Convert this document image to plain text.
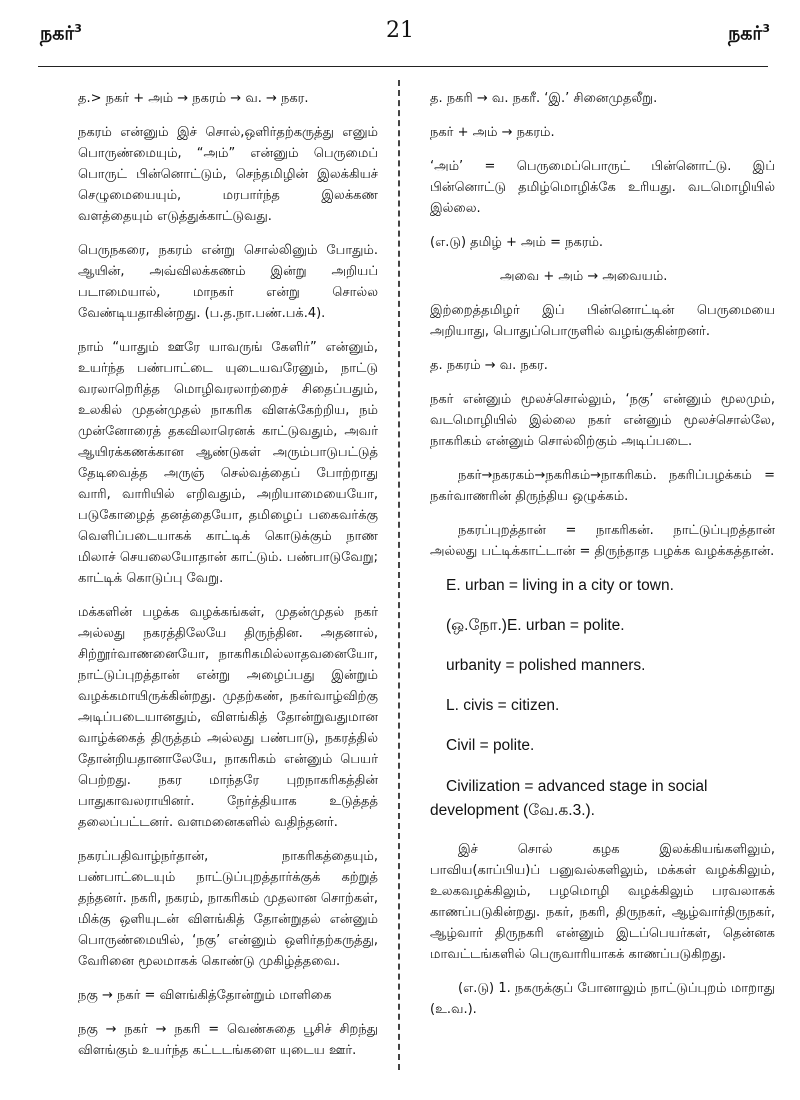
நகர்$^3$	21	நகர்$^3$

த.> நகர் + அம் → நகரம் → வ. → நகர.

நகரம் என்னும் இச் சொல்,ஒளிர்தற்கருத்து எனும் பொருண்மையும், “அம்” என்னும் பெருமைப் பொருட் பின்னொட்டும், செந்தமிழின் இலக்கியச் செழுமையையும், மரபார்ந்த இலக்கண வளத்தையும் எடுத்துக்காட்டுவது.

பெருநகரை, நகரம் என்று சொல்லினும் போதும். ஆயின், அவ்விலக்கணம் இன்று அறியப் படாமையால், மாநகர் என்று சொல்ல வேண்டியதாகின்றது. (ப.த.நா.பண்.பக்.4).

நாம் “யாதும் ஊரே யாவருங் கேளிர்” என்னும், உயர்ந்த பண்பாட்டை யுடையவரேனும், நாட்டு வரலாறெரித்த மொழிவரலாற்றைச் சிதைப்பதும், உலகில் முதன்முதல் நாகரிக விளக்கேற்றிய, நம் முன்னோரைத் தகவிலாரெனக் காட்டுவதும், அவர் ஆயிரக்கணக்கான ஆண்டுகள் அரும்பாடுபட்டுத் தேடிவைத்த அருஞ் செல்வத்தைப் போற்றாது வாரி, வாரியில் எறிவதும், அறியாமையையோ, படுகோழைத் தனத்தையோ, தமிழைப் பகைவர்க்கு வெளிப்படையாகக் காட்டிக் கொடுக்கும் நாண மிலாச் செயலையோதான் காட்டும். பண்பாடுவேறு; காட்டிக் கொடுப்பு வேறு.

மக்களின் பழக்க வழக்கங்கள், முதன்முதல் நகர் அல்லது நகரத்திலேயே திருந்தின. அதனால், சிற்றூர்வாணனையோ, நாகரிகமில்லாதவனையோ, நாட்டுப்புறத்தான் என்று அழைப்பது இன்றும் வழக்கமாயிருக்கின்றது. முதற்கண், நகர்வாழ்விற்கு அடிப்படையானதும், விளங்கித் தோன்றுவதுமான வாழ்க்கைத் திருத்தம் அல்லது பண்பாடு, நகரத்தில் தோன்றியதானாலேயே, நாகரிகம் என்னும் பெயர் பெற்றது. நகர மாந்தரே புறநாகரிகத்தின் பாதுகாவலராயினர். நேர்த்தியாக உடுத்தத் தலைப்பட்டனர். வளமனைகளில் வதிந்தனர்.

நகரப்பதிவாழ்நர்தான், நாகரிகத்தையும், பண்பாட்டையும் நாட்டுப்புறத்தார்க்குக் கற்றுத் தந்தனர். நகரி, நகரம், நாகரிகம் முதலான சொற்கள், மிக்கு ஒளியுடன் விளங்கித் தோன்றுதல் என்னும் பொருண்மையில், ‘நகு’ என்னும் ஒளிர்தற்கருத்து, வேரினை மூலமாகக் கொண்டு முகிழ்த்தவை.

நகு → நகர் = விளங்கித்தோன்றும் மாளிகை

நகு → நகர் → நகரி = வெண்சுதை பூசிச் சிறந்து விளங்கும் உயர்ந்த கட்டடங்களை யுடைய ஊர்.

த. நகரி → வ. நகரீ. ‘இ.’ சினைமுதலீறு.

நகர் + அம் → நகரம்.

‘அம்’ = பெருமைப்பொருட் பின்னொட்டு. இப் பின்னொட்டு தமிழ்மொழிக்கே உரியது. வடமொழியில் இல்லை.

(எ.டு) தமிழ் + அம் = நகரம்.

அவை + அம் → அவையம்.

இற்றைத்தமிழர் இப் பின்னொட்டின் பெருமையை அறியாது, பொதுப்பொருளில் வழங்குகின்றனர்.

த. நகரம் → வ. நகர.

நகர் என்னும் மூலச்சொல்லும், ‘நகு’ என்னும் மூலமும், வடமொழியில் இல்லை நகர் என்னும் மூலச்சொல்லே, நாகரிகம் என்னும் சொல்லிற்கும் அடிப்படை.

நகர்→நகரகம்→நகரிகம்→நாகரிகம். நகரிப்பழக்கம் = நகர்வாணரின் திருந்திய ஒழுக்கம்.

நகரப்புறத்தான் = நாகரிகன். நாட்டுப்புறத்தான் அல்லது பட்டிக்காட்டான் = திருந்தாத பழக்க வழக்கத்தான்.

E. urban = living in a city or town.

(ஒ.நோ.)E. urban = polite.

urbanity = polished manners.

L. civis = citizen.

Civil = polite.

Civilization = advanced stage in social development (வே.க.3.).

இச் சொல் கழக இலக்கியங்களிலும், பாவிய(காப்பிய)ப் பனுவல்களிலும், மக்கள் வழக்கிலும், உலகவழக்கிலும், பழமொழி வழக்கிலும் பரவலாகக் காணப்படுகின்றது. நகர், நகரி, திருநகர், ஆழ்வார்திருநகர், ஆழ்வார் திருநகரி என்னும் இடப்பெயர்கள், தென்னக மாவட்டங்களில் பெருவாரியாகக் காணப்படுகிறது.

(எ.டு) 1. நகருக்குப் போனாலும் நாட்டுப்புறம் மாறாது (உ.வ.).
